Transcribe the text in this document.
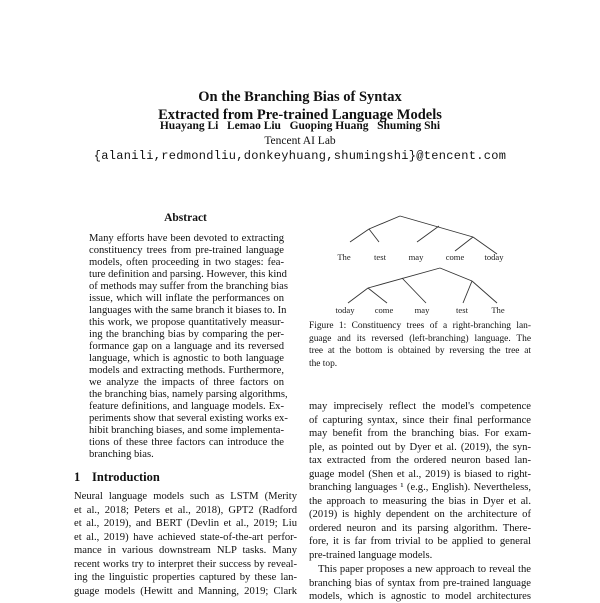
On the Branching Bias of Syntax
Extracted from Pre-trained Language Models
Huayang Li   Lemao Liu   Guoping Huang   Shuming Shi
Tencent AI Lab
{alanili,redmondliu,donkeyhuang,shumingshi}@tencent.com
Abstract
Many efforts have been devoted to extracting
constituency trees from pre-trained language
models, often proceeding in two stages: fea-
ture definition and parsing. However, this kind
of methods may suffer from the branching bias
issue, which will inflate the performances on
languages with the same branch it biases to. In
this work, we propose quantitatively measur-
ing the branching bias by comparing the per-
formance gap on a language and its reversed
language, which is agnostic to both language
models and extracting methods. Furthermore,
we analyze the impacts of three factors on
the branching bias, namely parsing algorithms,
feature definitions, and language models. Ex-
periments show that several existing works ex-
hibit branching biases, and some implementa-
tions of these three factors can introduce the
branching bias.
1 Introduction
Neural language models such as LSTM (Merity
et al., 2018; Peters et al., 2018), GPT2 (Radford
et al., 2019), and BERT (Devlin et al., 2019; Liu
et al., 2019) have achieved state-of-the-art perfor-
mance in various downstream NLP tasks. Many
recent works try to interpret their success by reveal-
ing the linguistic properties captured by these lan-
guage models (Hewitt and Manning, 2019; Clark
The	test	may	come today
today come may	test	The
Figure 1: Constituency trees of a right-branching lan-
guage and its reversed (left-branching) language. The
tree at the bottom is obtained by reversing the tree at
the top.
may imprecisely reflect the model's competence
of capturing syntax, since their final performance
may benefit from the branching bias. For exam-
ple, as pointed out by Dyer et al. (2019), the syn-
tax extracted from the ordered neuron based lan-
guage model (Shen et al., 2019) is biased to right-
branching languages ¹ (e.g., English). Nevertheless,
the approach to measuring the bias in Dyer et al.
(2019) is highly dependent on the architecture of
ordered neuron and its parsing algorithm. There-
fore, it is far from trivial to be applied to general
pre-trained language models.
This paper proposes a new approach to reveal the
branching bias of syntax from pre-trained language
models, which is agnostic to model architectures
